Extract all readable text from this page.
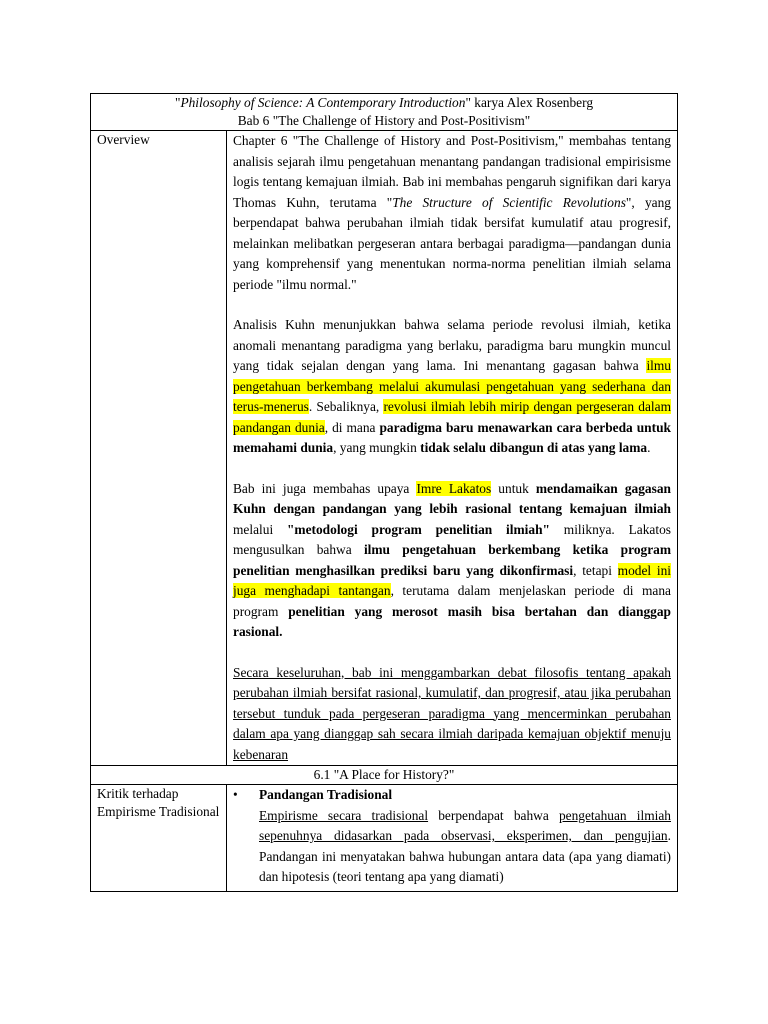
"Philosophy of Science: A Contemporary Introduction" karya Alex Rosenberg
Bab 6 "The Challenge of History and Post-Positivism"	

Overview	Chapter 6 "The Challenge of History and Post-Positivism," membahas tentang analisis sejarah ilmu pengetahuan menantang pandangan tradisional empirisisme logis tentang kemajuan ilmiah. Bab ini membahas pengaruh signifikan dari karya Thomas Kuhn, terutama "The Structure of Scientific Revolutions", yang berpendapat bahwa perubahan ilmiah tidak bersifat kumulatif atau progresif, melainkan melibatkan pergeseran antara berbagai paradigma—pandangan dunia yang komprehensif yang menentukan norma-norma penelitian ilmiah selama periode "ilmu normal."

Analisis Kuhn menunjukkan bahwa selama periode revolusi ilmiah, ketika anomali menantang paradigma yang berlaku, paradigma baru mungkin muncul yang tidak sejalan dengan yang lama. Ini menantang gagasan bahwa ilmu pengetahuan berkembang melalui akumulasi pengetahuan yang sederhana dan terus-menerus. Sebaliknya, revolusi ilmiah lebih mirip dengan pergeseran dalam pandangan dunia, di mana paradigma baru menawarkan cara berbeda untuk memahami dunia, yang mungkin tidak selalu dibangun di atas yang lama.

Bab ini juga membahas upaya Imre Lakatos untuk mendamaikan gagasan Kuhn dengan pandangan yang lebih rasional tentang kemajuan ilmiah melalui "metodologi program penelitian ilmiah" miliknya. Lakatos mengusulkan bahwa ilmu pengetahuan berkembang ketika program penelitian menghasilkan prediksi baru yang dikonfirmasi, tetapi model ini juga menghadapi tantangan, terutama dalam menjelaskan periode di mana program penelitian yang merosot masih bisa bertahan dan dianggap rasional.

Secara keseluruhan, bab ini menggambarkan debat filosofis tentang apakah perubahan ilmiah bersifat rasional, kumulatif, dan progresif, atau jika perubahan tersebut tunduk pada pergeseran paradigma yang mencerminkan perubahan dalam apa yang dianggap sah secara ilmiah daripada kemajuan objektif menuju kebenaran

6.1 "A Place for History?"	
Kritik terhadap Empirisme Tradisional	• Pandangan Tradisional

Empirisme secara tradisional berpendapat bahwa pengetahuan ilmiah sepenuhnya didasarkan pada observasi, eksperimen, dan pengujian. Pandangan ini menyatakan bahwa hubungan antara data (apa yang diamati) dan hipotesis (teori tentang apa yang diamati)
